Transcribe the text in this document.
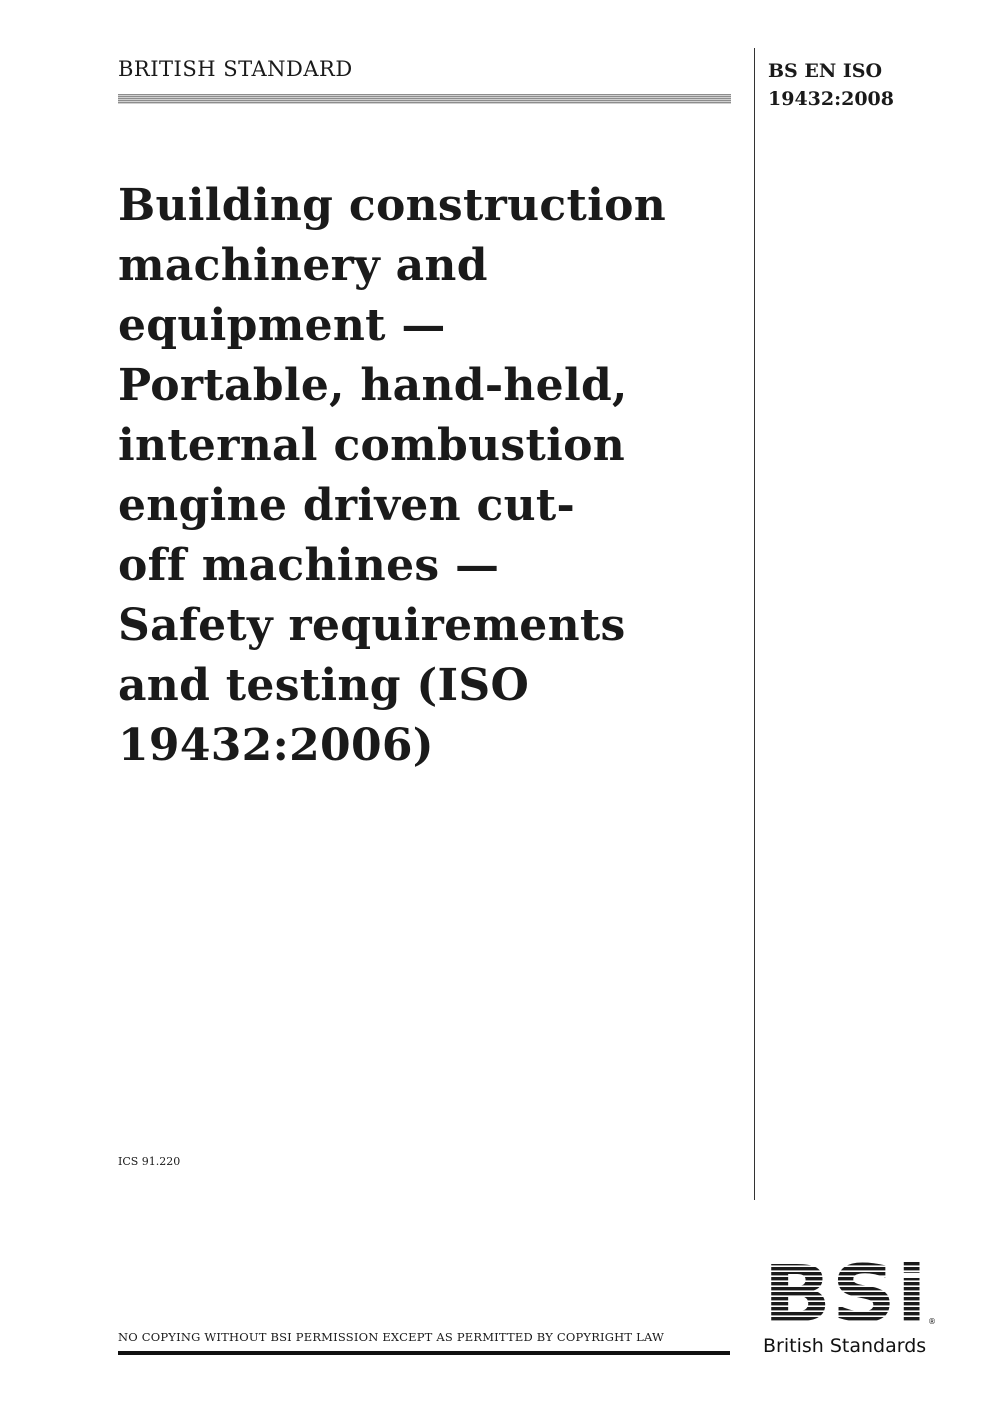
BRITISH STANDARD	BS EN ISO
19432:2008
Building construction
machinery and
equipment —
Portable, hand-held,
internal combustion
engine driven cut-
off machines —
Safety requirements
and testing (ISO
19432:2006)
ICS 91.220
NO COPYING WITHOUT BSI PERMISSION EXCEPT AS PERMITTED BY COPYRIGHT LAW
®
British Standards
